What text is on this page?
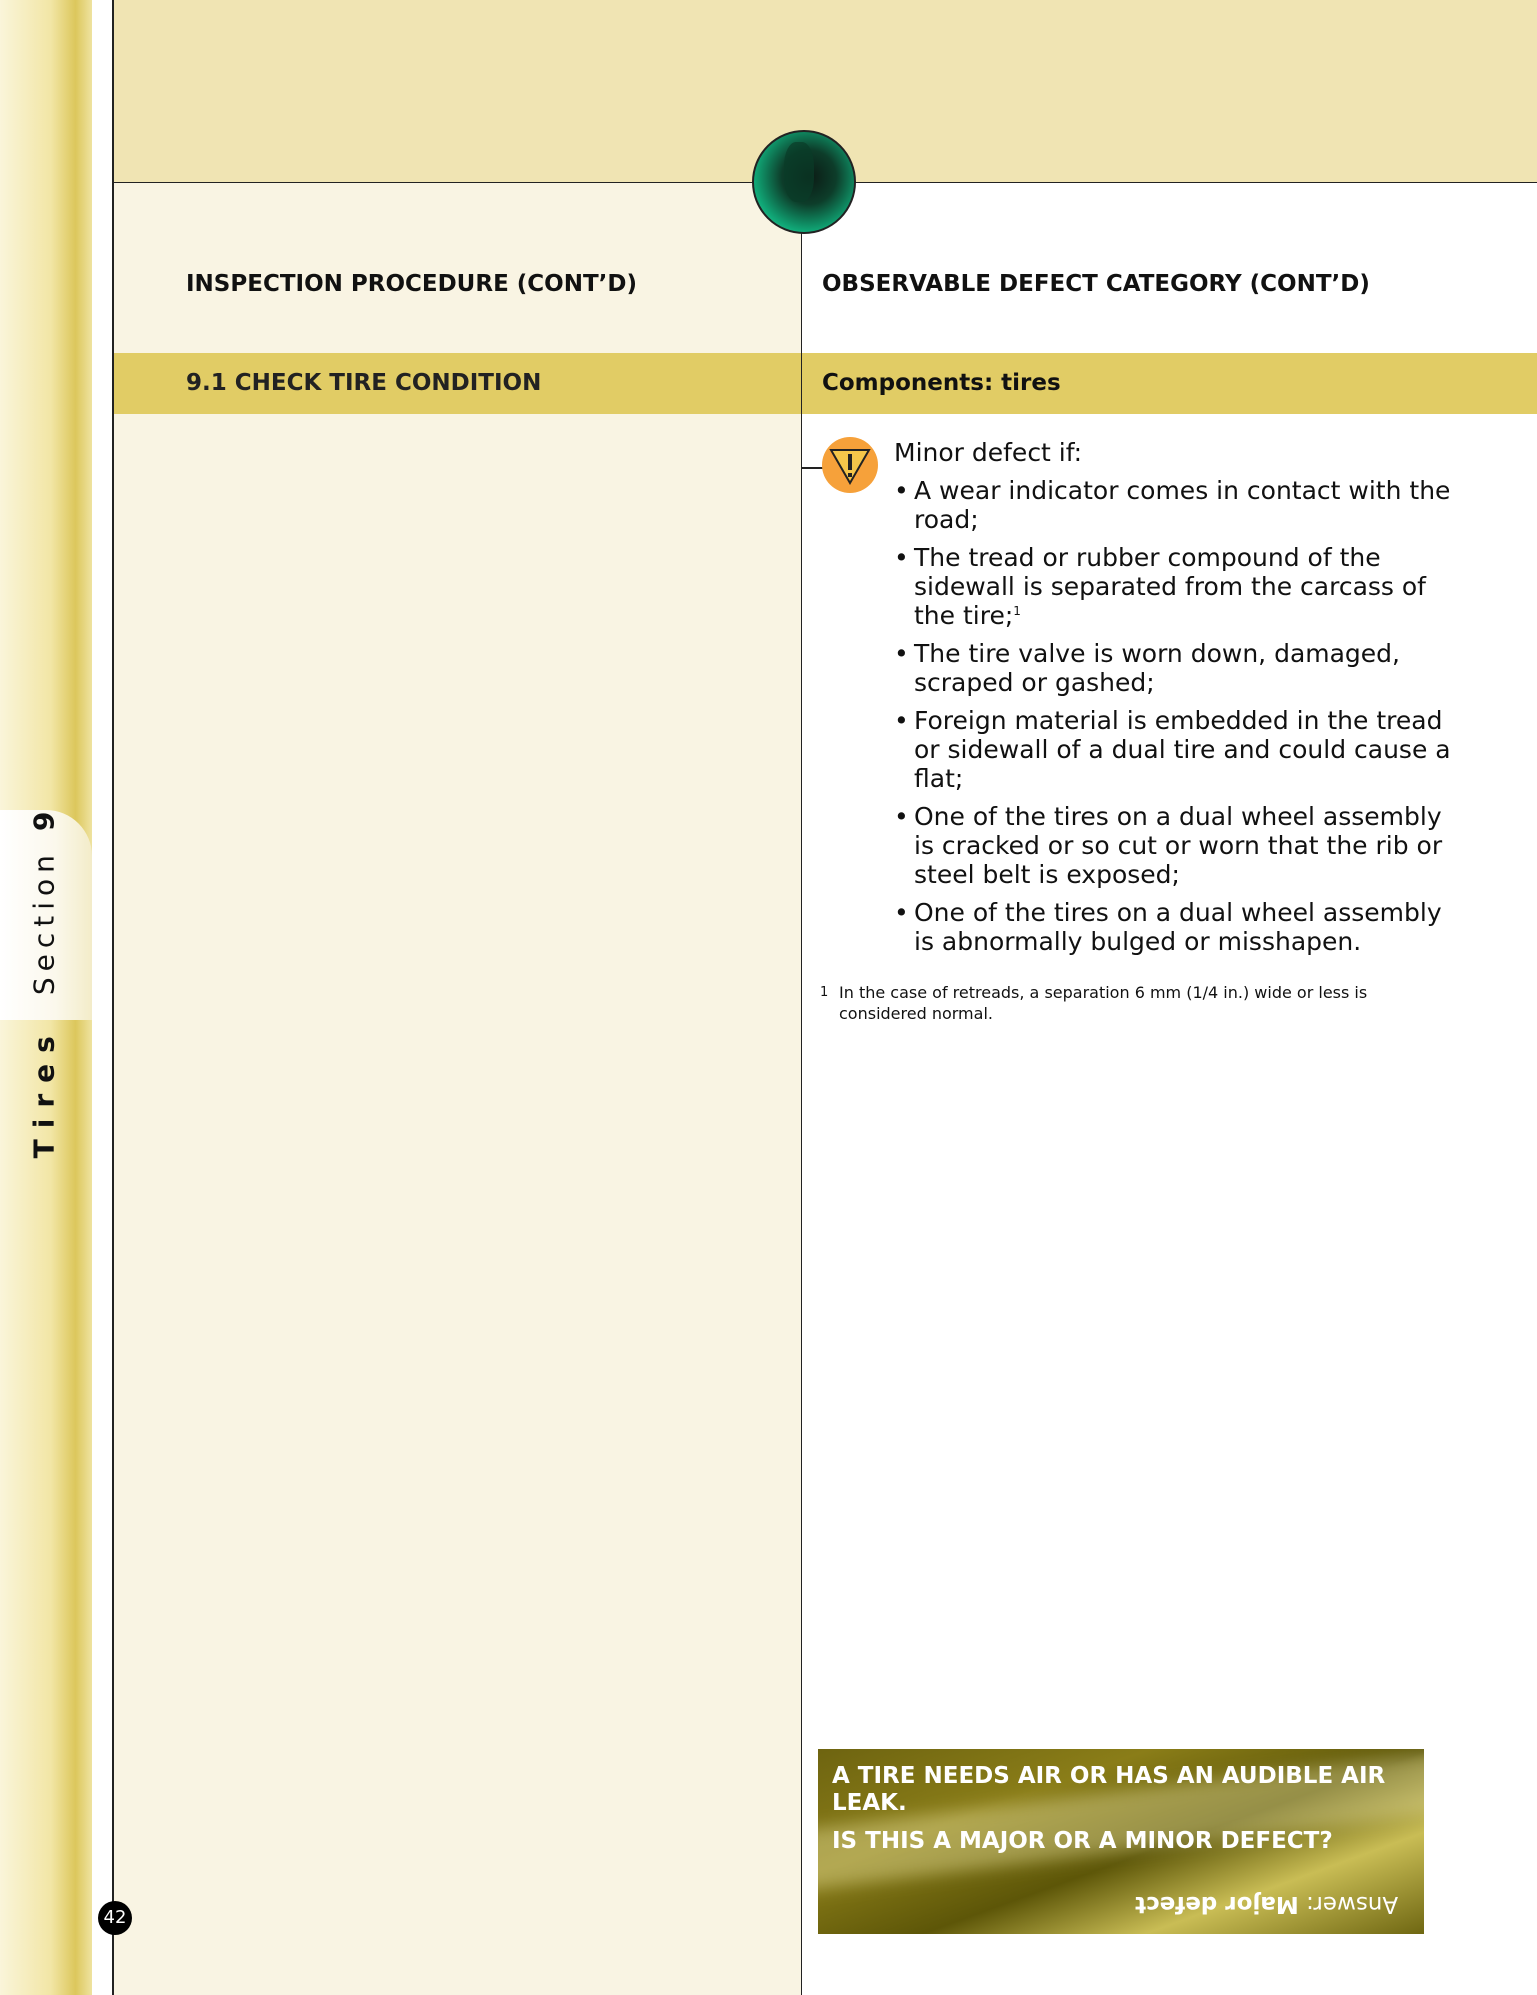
TiresSection9
INSPECTION PROCEDURE (CONT’D)	OBSERVABLE DEFECT CATEGORY (CONT’D)
9.1 CHECK TIRE CONDITION	Components: tires
Minor defect if:
• A wear indicator comes in contact with the road;
• The tread or rubber compound of the sidewall is separated from the carcass of the tire;$^1$
• The tire valve is worn down, damaged, scraped or gashed;
• Foreign material is embedded in the tread or sidewall of a dual tire and could cause a flat;
• One of the tires on a dual wheel assembly is cracked or so cut or worn that the rib or steel belt is exposed;
• One of the tires on a dual wheel assembly is abnormally bulged or misshapen.
1 In the case of retreads, a separation 6 mm (1/4 in.) wide or less is considered normal.
A TIRE NEEDS AIR OR HAS AN AUDIBLE AIR LEAK.
IS THIS A MAJOR OR A MINOR DEFECT?
Answer: Major defect
42
